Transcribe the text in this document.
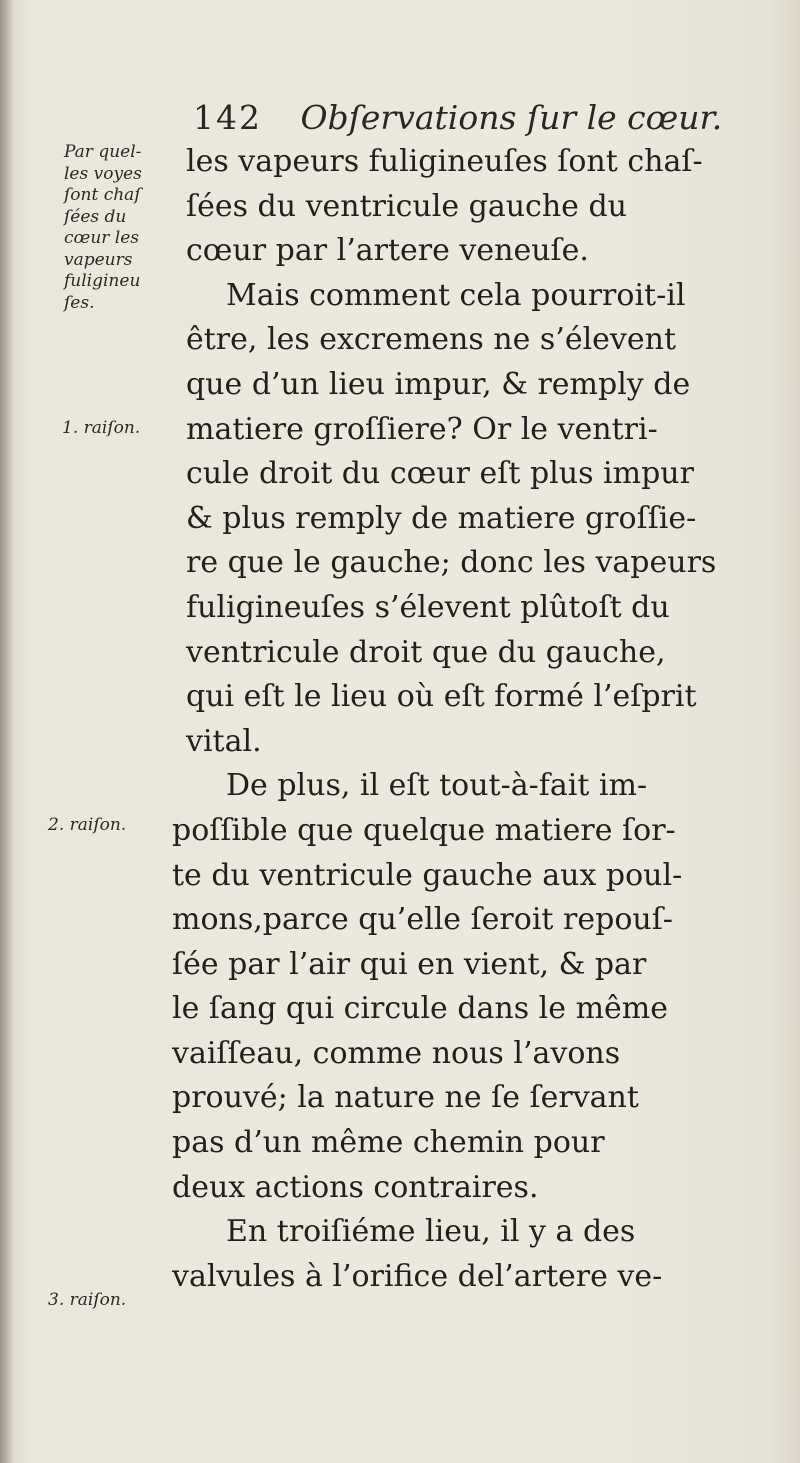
142 Obſervations ſur le cœur.
Par quel-
les voyes
ſont chaſ
ſées du
cœur les
vapeurs
fuligineu
ſes.
1. raiſon.
2. raiſon.
3. raiſon.
les vapeurs fuligineuſes ſont chaſ-
ſées du ventricule gauche du
cœur par l’artere veneuſe.
Mais comment cela pourroit-il
être, les excremens ne s’élevent
que d’un lieu impur, & remply de
matiere groſſiere? Or le ventri-
cule droit du cœur eſt plus impur
& plus remply de matiere groſſie-
re que le gauche; donc les vapeurs
fuligineuſes s’élevent plûtoſt du
ventricule droit que du gauche,
qui eſt le lieu où eſt formé l’eſprit
vital.
De plus, il eſt tout-à-fait im-
poſſible que quelque matiere ſor-
te du ventricule gauche aux poul-
mons,parce qu’elle ſeroit repouſ-
ſée par l’air qui en vient, & par
le ſang qui circule dans le même
vaiſſeau, comme nous l’avons
prouvé; la nature ne ſe ſervant
pas d’un même chemin pour
deux actions contraires.
En troiſiéme lieu, il y a des
valvules à l’orifice del’artere ve-
